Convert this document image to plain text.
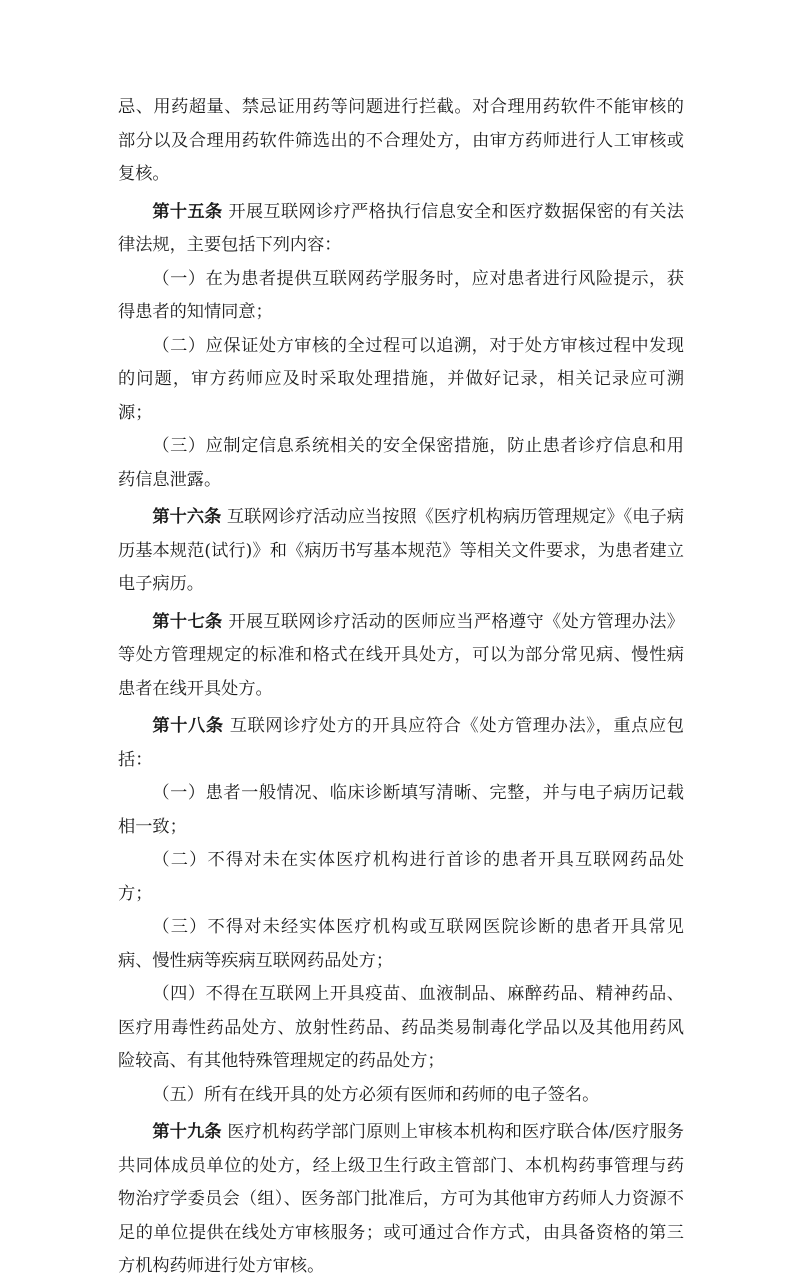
忌、用药超量、禁忌证用药等问题进行拦截。对合理用药软件不能审核的部分以及合理用药软件筛选出的不合理处方，由审方药师进行人工审核或复核。

第十五条 开展互联网诊疗严格执行信息安全和医疗数据保密的有关法律法规，主要包括下列内容：

（一）在为患者提供互联网药学服务时，应对患者进行风险提示，获得患者的知情同意；

（二）应保证处方审核的全过程可以追溯，对于处方审核过程中发现的问题，审方药师应及时采取处理措施，并做好记录，相关记录应可溯源；

（三）应制定信息系统相关的安全保密措施，防止患者诊疗信息和用药信息泄露。

第十六条 互联网诊疗活动应当按照《医疗机构病历管理规定》《电子病历基本规范(试行)》和《病历书写基本规范》等相关文件要求，为患者建立电子病历。

第十七条 开展互联网诊疗活动的医师应当严格遵守《处方管理办法》等处方管理规定的标准和格式在线开具处方，可以为部分常见病、慢性病患者在线开具处方。

第十八条 互联网诊疗处方的开具应符合《处方管理办法》，重点应包括：

（一）患者一般情况、临床诊断填写清晰、完整，并与电子病历记载相一致；

（二）不得对未在实体医疗机构进行首诊的患者开具互联网药品处方；

（三）不得对未经实体医疗机构或互联网医院诊断的患者开具常见病、慢性病等疾病互联网药品处方；

（四）不得在互联网上开具疫苗、血液制品、麻醉药品、精神药品、医疗用毒性药品处方、放射性药品、药品类易制毒化学品以及其他用药风险较高、有其他特殊管理规定的药品处方；

（五）所有在线开具的处方必须有医师和药师的电子签名。

第十九条 医疗机构药学部门原则上审核本机构和医疗联合体/医疗服务共同体成员单位的处方，经上级卫生行政主管部门、本机构药事管理与药物治疗学委员会（组）、医务部门批准后，方可为其他审方药师人力资源不足的单位提供在线处方审核服务；或可通过合作方式，由具备资格的第三方机构药师进行处方审核。
